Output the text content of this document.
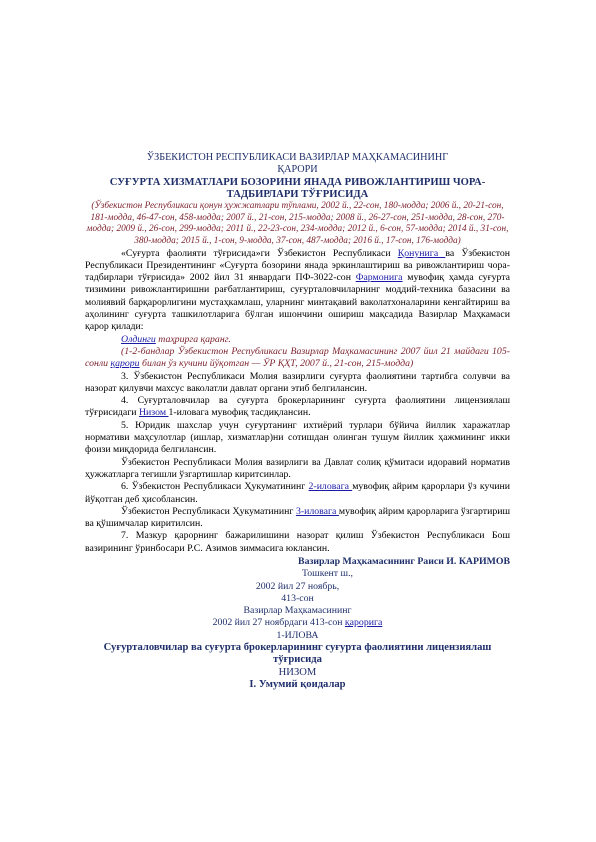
ЎЗБЕКИСТОН РЕСПУБЛИКАСИ ВАЗИРЛАР МАҲКАМАСИНИНГ

ҚАРОРИ

СУҒУРТА ХИЗМАТЛАРИ БОЗОРИНИ ЯНАДА РИВОЖЛАНТИРИШ ЧОРА-ТАДБИРЛАРИ ТЎҒРИСИДА

(Ўзбекистон Республикаси қонун ҳужжатлари тўплами, 2002 й., 22-сон, 180-модда; 2006 й., 20-21-сон, 181-модда, 46-47-сон, 458-модда; 2007 й., 21-сон, 215-модда; 2008 й., 26-27-сон, 251-модда, 28-сон, 270-модда; 2009 й., 26-сон, 299-модда; 2011 й., 22-23-сон, 234-модда; 2012 й., 6-сон, 57-модда; 2014 й., 31-сон, 380-модда; 2015 й., 1-сон, 9-модда, 37-сон, 487-модда; 2016 й., 17-сон, 176-модда)

«Суғурта фаолияти тўғрисида»ги Ўзбекистон Республикаси Қонунига ва Ўзбекистон Республикаси Президентининг «Суғурта бозорини янада эркинлаштириш ва ривожлантириш чора-тадбирлари тўғрисида» 2002 йил 31 январдаги ПФ-3022-сон Фармонига мувофиқ ҳамда суғурта тизимини ривожлантиришни рағбатлантириш, суғурталовчиларнинг моддий-техника базасини ва молиявий барқарорлигини мустаҳкамлаш, уларнинг минтақавий ваколатхоналарини кенгайтириш ва аҳолининг суғурта ташкилотларига бўлган ишончини ошириш мақсадида Вазирлар Маҳкамаси қарор қилади:

Олдинги таҳрирга қаранг.

(1-2-бандлар Ўзбекистон Республикаси Вазирлар Маҳкамасининг 2007 йил 21 майдаги 105-сонли қарори билан ўз кучини йўқотган — ЎР ҚҲТ, 2007 й., 21-сон, 215-модда)

3. Ўзбекистон Республикаси Молия вазирлиги суғурта фаолиятини тартибга солувчи ва назорат қилувчи махсус ваколатли давлат органи этиб белгилансин.

4. Суғурталовчилар ва суғурта брокерларининг суғурта фаолиятини лицензиялаш тўғрисидаги Низом 1-иловага мувофиқ тасдиқлансин.

5. Юридик шахслар учун суғуртанинг ихтиёрий турлари бўйича йиллик харажатлар нормативи маҳсулотлар (ишлар, хизматлар)ни сотишдан олинган тушум йиллик ҳажмининг икки фоизи миқдорида белгилансин.

Ўзбекистон Республикаси Молия вазирлиги ва Давлат солиқ қўмитаси идоравий норматив ҳужжатларга тегишли ўзгартишлар киритсинлар.

6. Ўзбекистон Республикаси Ҳукуматининг 2-иловага мувофиқ айрим қарорлари ўз кучини йўқотган деб ҳисоблансин.

Ўзбекистон Республикаси Ҳукуматининг 3-иловага мувофиқ айрим қарорларига ўзгартириш ва қўшимчалар киритилсин.

7. Мазкур қарорнинг бажарилишини назорат қилиш Ўзбекистон Республикаси Бош вазирининг ўринбосари Р.С. Азимов зиммасига юклансин.

Вазирлар Маҳкамасининг Раиси И. КАРИМОВ

Тошкент ш.,

2002 йил 27 ноябрь,

413-сон

Вазирлар Маҳкамасининг

2002 йил 27 ноябрдаги 413-сон қарорига

1-ИЛОВА

Суғурталовчилар ва суғурта брокерларининг суғурта фаолиятини лицензиялаш тўғрисида

НИЗОМ

I. Умумий қоидалар
